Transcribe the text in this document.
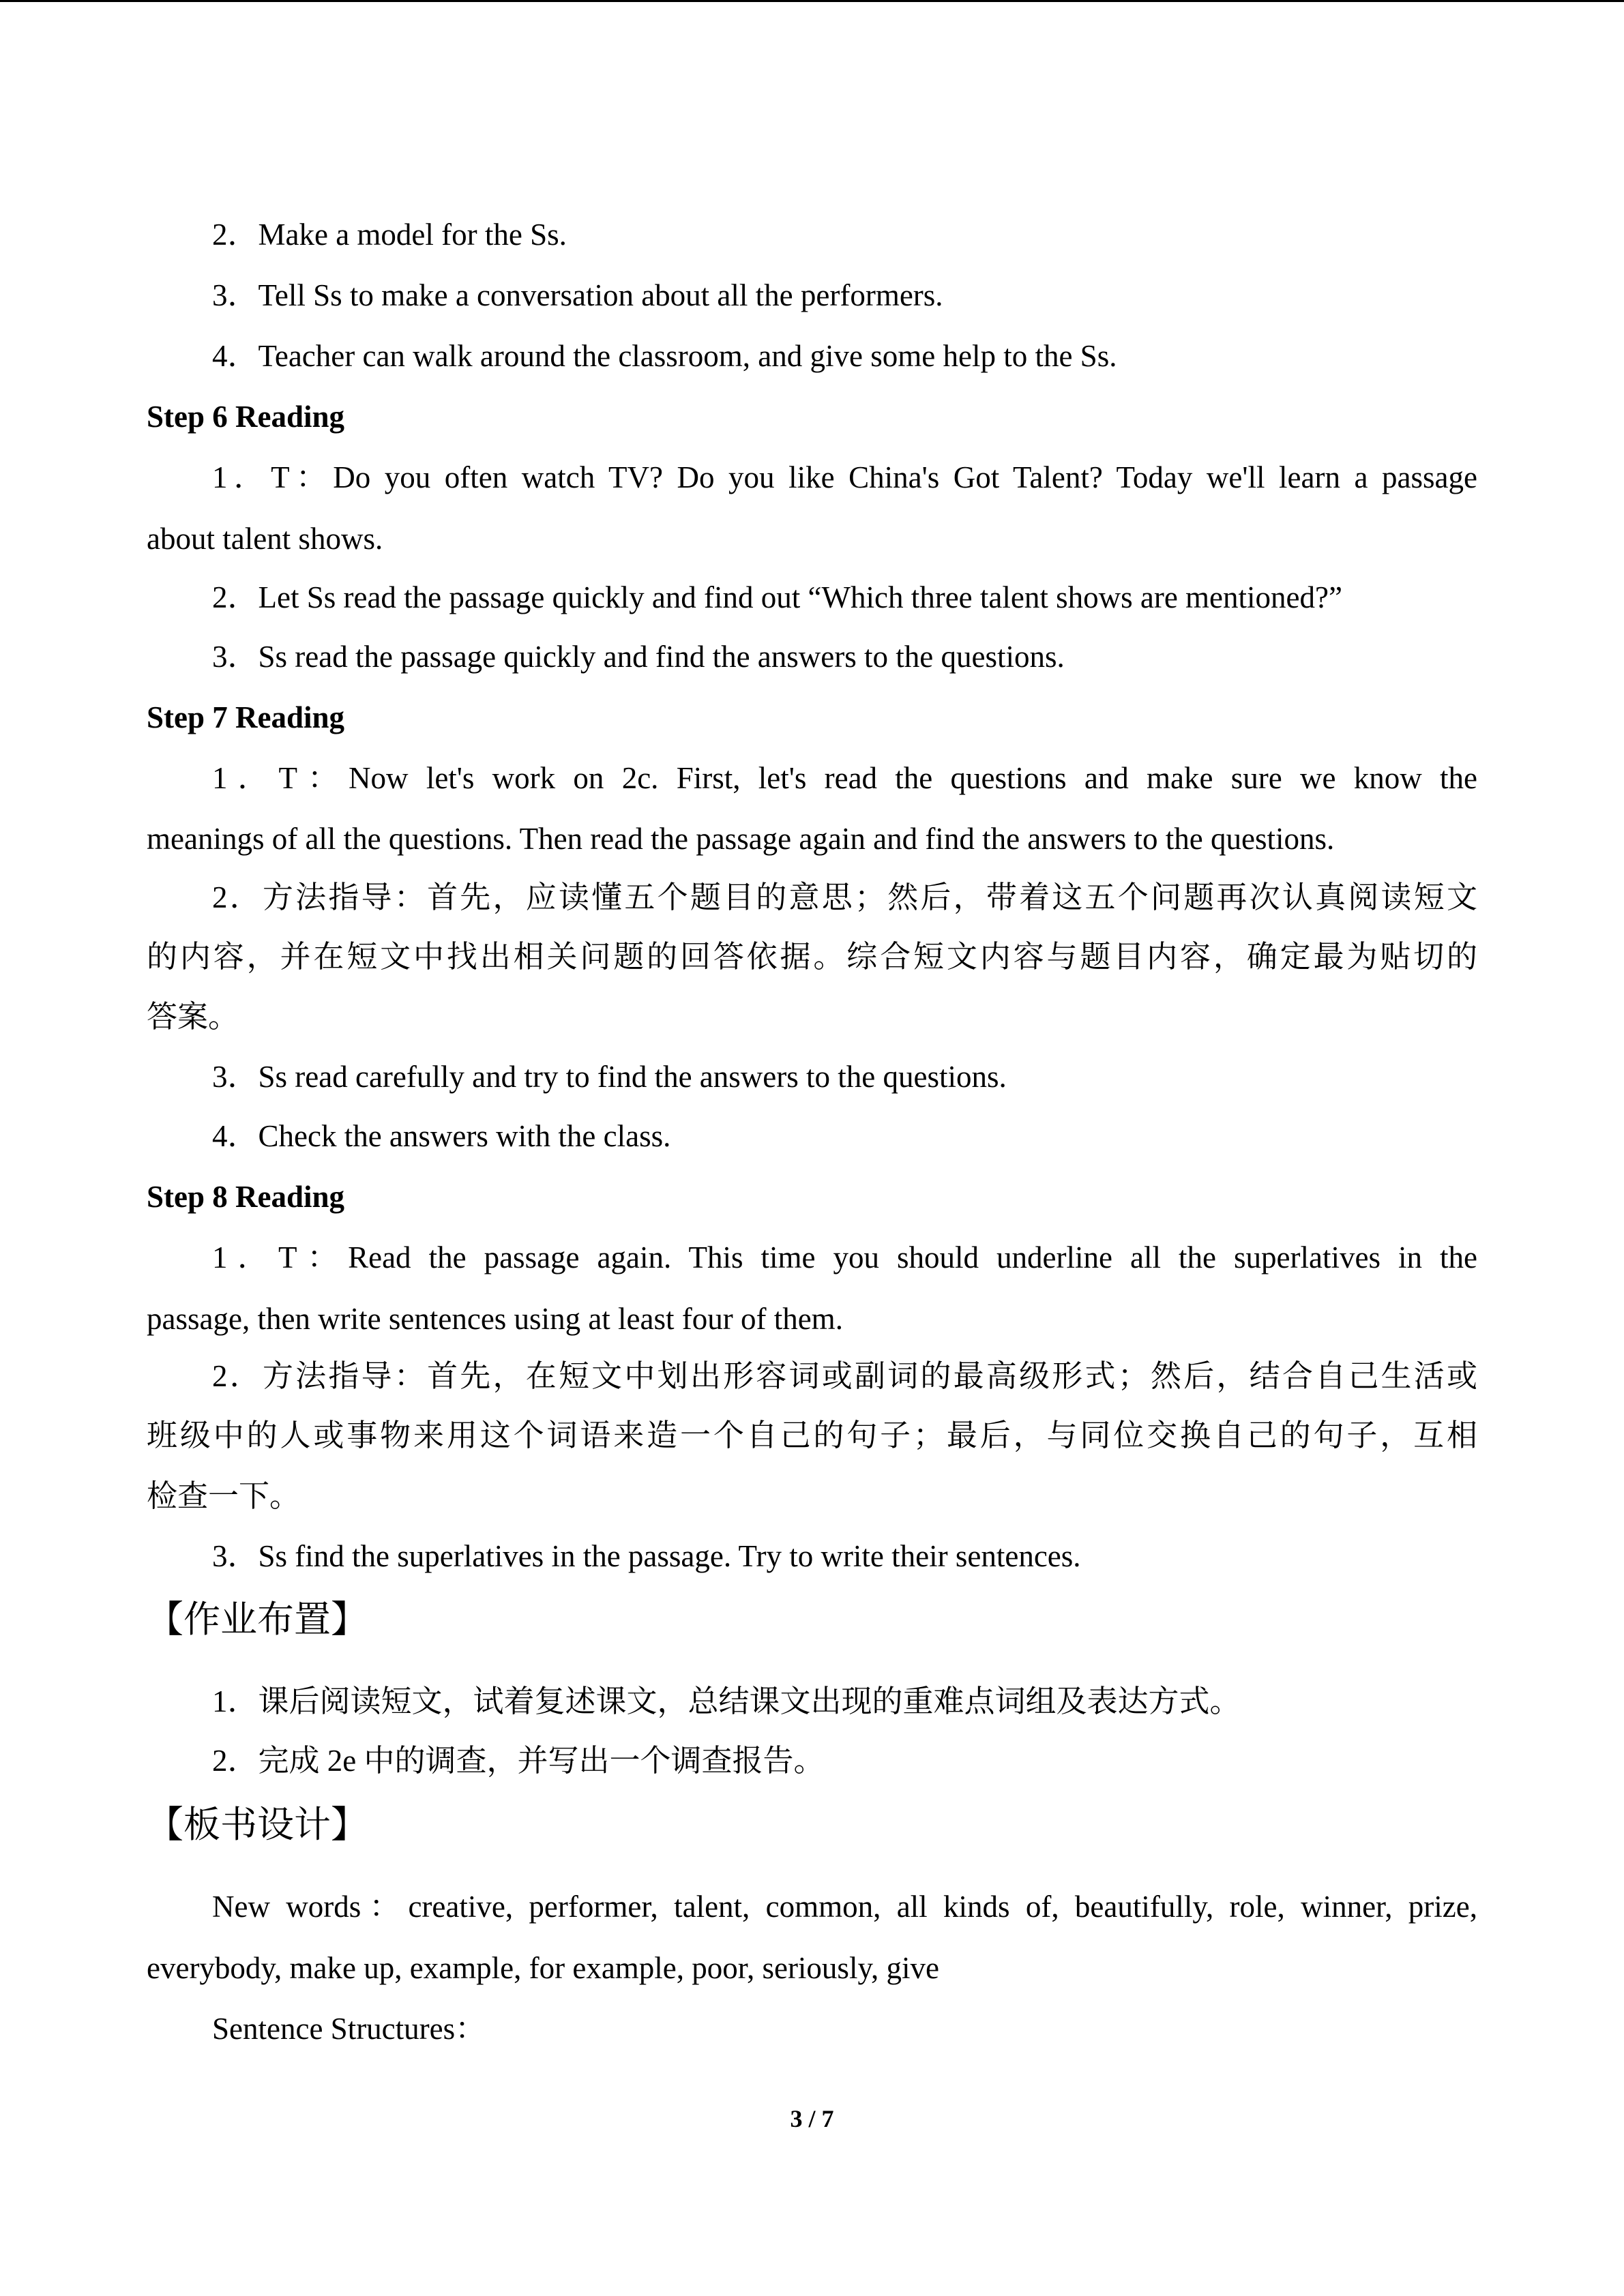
2．Make a model for the Ss.
3．Tell Ss to make a conversation about all the performers.
4．Teacher can walk around the classroom, and give some help to the Ss.
Step 6 Reading
1．T：Do you often watch TV? Do you like China's Got Talent? Today we'll learn a passage
about talent shows.
2．Let Ss read the passage quickly and find out “Which three talent shows are mentioned?”
3．Ss read the passage quickly and find the answers to the questions.
Step 7 Reading
1．T：Now let's work on 2c. First, let's read the questions and make sure we know the
meanings of all the questions. Then read the passage again and find the answers to the questions.
2．方法指导：首先，应读懂五个题目的意思；然后，带着这五个问题再次认真阅读短文
的内容，并在短文中找出相关问题的回答依据。综合短文内容与题目内容，确定最为贴切的
答案。
3．Ss read carefully and try to find the answers to the questions.
4．Check the answers with the class.
Step 8 Reading
1．T：Read the passage again. This time you should underline all the superlatives in the
passage, then write sentences using at least four of them.
2．方法指导：首先，在短文中划出形容词或副词的最高级形式；然后，结合自己生活或
班级中的人或事物来用这个词语来造一个自己的句子；最后，与同位交换自己的句子，互相
检查一下。
3．Ss find the superlatives in the passage. Try to write their sentences.
【作业布置】
1．课后阅读短文，试着复述课文，总结课文出现的重难点词组及表达方式。
2．完成 2e 中的调查，并写出一个调查报告。
【板书设计】
New words：creative, performer, talent, common, all kinds of, beautifully, role, winner, prize,
everybody, make up, example, for example, poor, seriously, give
Sentence Structures：
3 / 7
